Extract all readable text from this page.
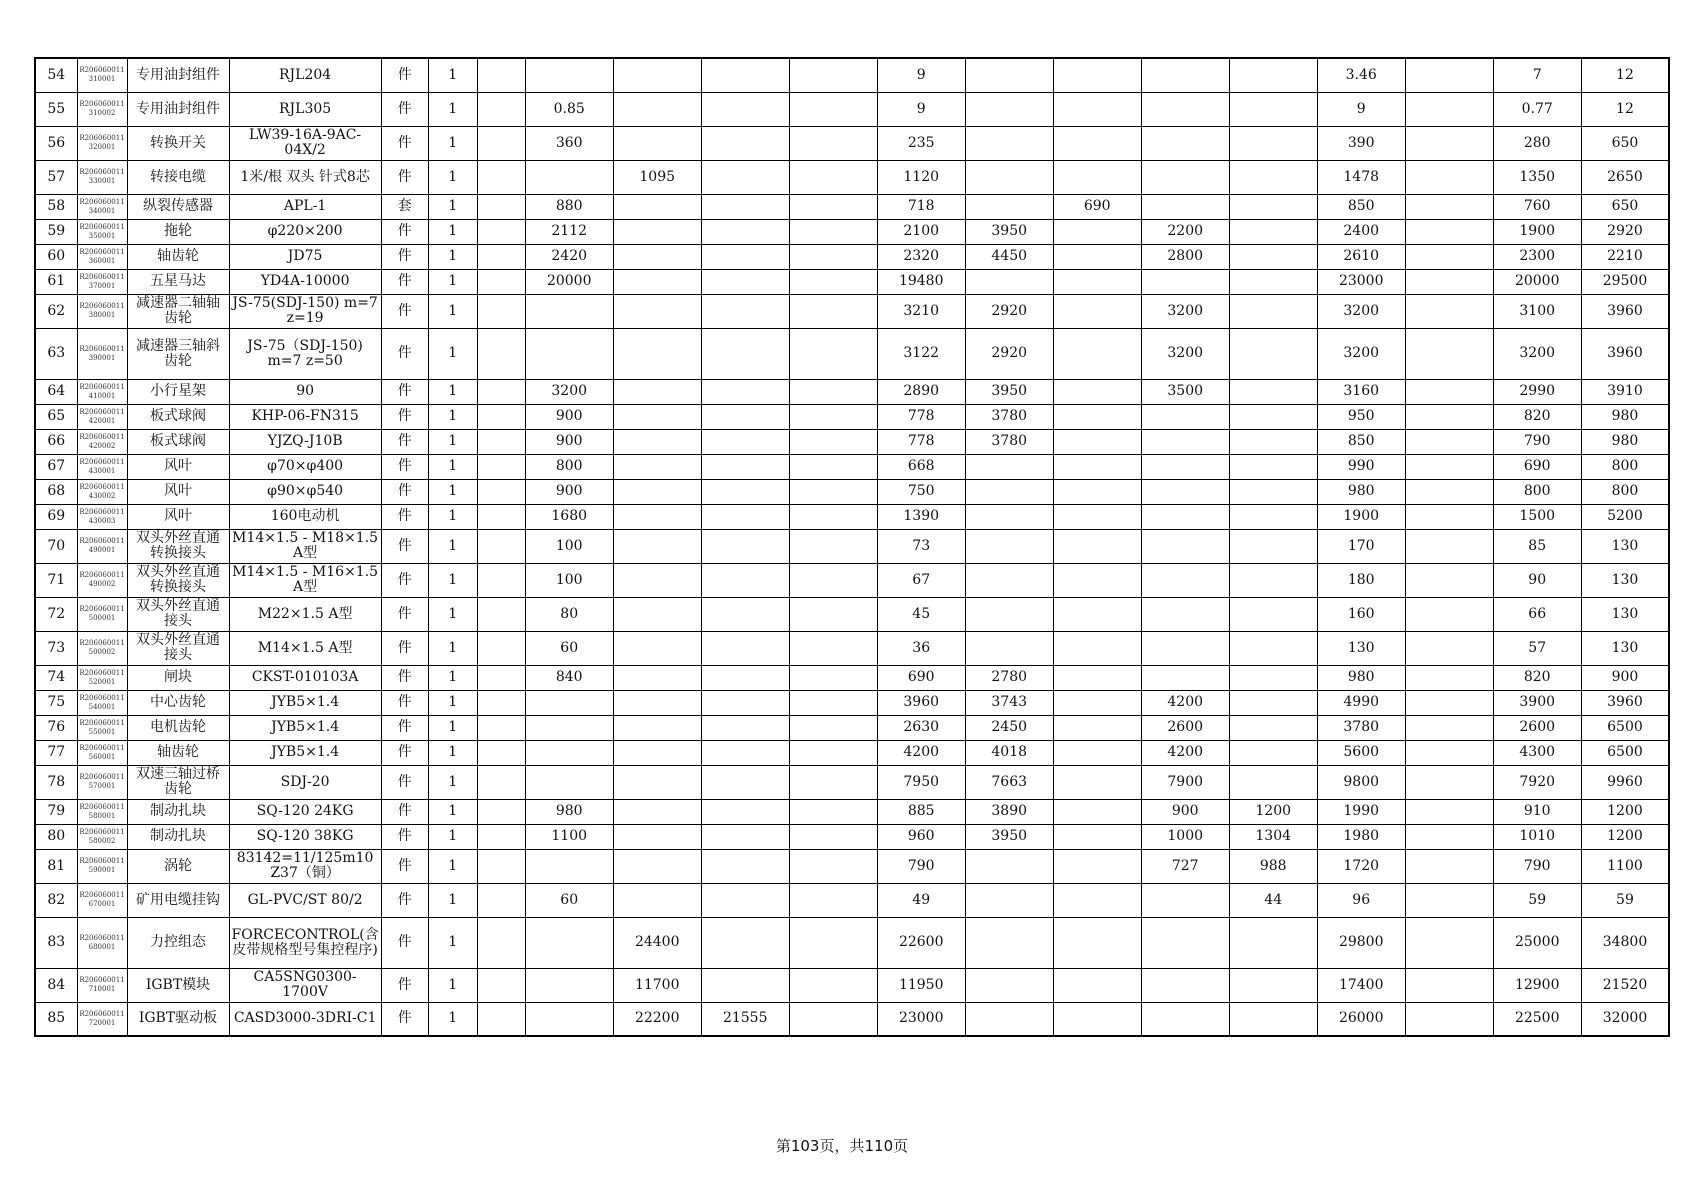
54	R206060011310001	专用油封组件	RJL204	件	1						9					3.46		7	12
55	R206060011310002	专用油封组件	RJL305	件	1		0.85				9					9		0.77	12
56	R206060011320001	转换开关	LW39-16A-9AC-04X/2	件	1		360				235					390		280	650
57	R206060011330001	转接电缆	1米/根 双头 针式8芯	件	1			1095			1120					1478		1350	2650
58	R206060011340001	纵裂传感器	APL-1	套	1		880				718		690			850		760	650
59	R206060011350001	拖轮	φ220×200	件	1		2112				2100	3950		2200		2400		1900	2920
60	R206060011360001	轴齿轮	JD75	件	1		2420				2320	4450		2800		2610		2300	2210
61	R206060011370001	五星马达	YD4A-10000	件	1		20000				19480					23000		20000	29500
62	R206060011380001	减速器二轴轴齿轮	JS-75(SDJ-150) m=7 z=19	件	1						3210	2920		3200		3200		3100	3960
63	R206060011390001	减速器三轴斜齿轮	JS-75（SDJ-150) m=7 z=50	件	1						3122	2920		3200		3200		3200	3960
64	R206060011410001	小行星架	90	件	1		3200				2890	3950		3500		3160		2990	3910
65	R206060011420001	板式球阀	KHP-06-FN315	件	1		900				778	3780				950		820	980
66	R206060011420002	板式球阀	YJZQ-J10B	件	1		900				778	3780				850		790	980
67	R206060011430001	风叶	φ70×φ400	件	1		800				668					990		690	800
68	R206060011430002	风叶	φ90×φ540	件	1		900				750					980		800	800
69	R206060011430003	风叶	160电动机	件	1		1680				1390					1900		1500	5200
70	R206060011490001	双头外丝直通转换接头	M14×1.5 - M18×1.5 A型	件	1		100				73					170		85	130
71	R206060011490002	双头外丝直通转换接头	M14×1.5 - M16×1.5 A型	件	1		100				67					180		90	130
72	R206060011500001	双头外丝直通接头	M22×1.5 A型	件	1		80				45					160		66	130
73	R206060011500002	双头外丝直通接头	M14×1.5 A型	件	1		60				36					130		57	130
74	R206060011520001	闸块	CKST-010103A	件	1		840				690	2780				980		820	900
75	R206060011540001	中心齿轮	JYB5×1.4	件	1						3960	3743		4200		4990		3900	3960
76	R206060011550001	电机齿轮	JYB5×1.4	件	1						2630	2450		2600		3780		2600	6500
77	R206060011560001	轴齿轮	JYB5×1.4	件	1						4200	4018		4200		5600		4300	6500
78	R206060011570001	双速三轴过桥齿轮	SDJ-20	件	1						7950	7663		7900		9800		7920	9960
79	R206060011580001	制动扎块	SQ-120 24KG	件	1		980				885	3890		900	1200	1990		910	1200
80	R206060011580002	制动扎块	SQ-120 38KG	件	1		1100				960	3950		1000	1304	1980		1010	1200
81	R206060011590001	涡轮	83142=11/125m10 Z37（铜）	件	1						790			727	988	1720		790	1100
82	R206060011670001	矿用电缆挂钩	GL-PVC/ST 80/2	件	1		60				49				44	96		59	59
83	R206060011680001	力控组态	FORCECONTROL(含皮带规格型号集控程序)	件	1			24400			22600					29800		25000	34800
84	R206060011710001	IGBT模块	CA5SNG0300-1700V	件	1			11700			11950					17400		12900	21520
85	R206060011720001	IGBT驱动板	CASD3000-3DRI-C1	件	1			22200	21555		23000					26000		22500	32000
第103页，共110页
